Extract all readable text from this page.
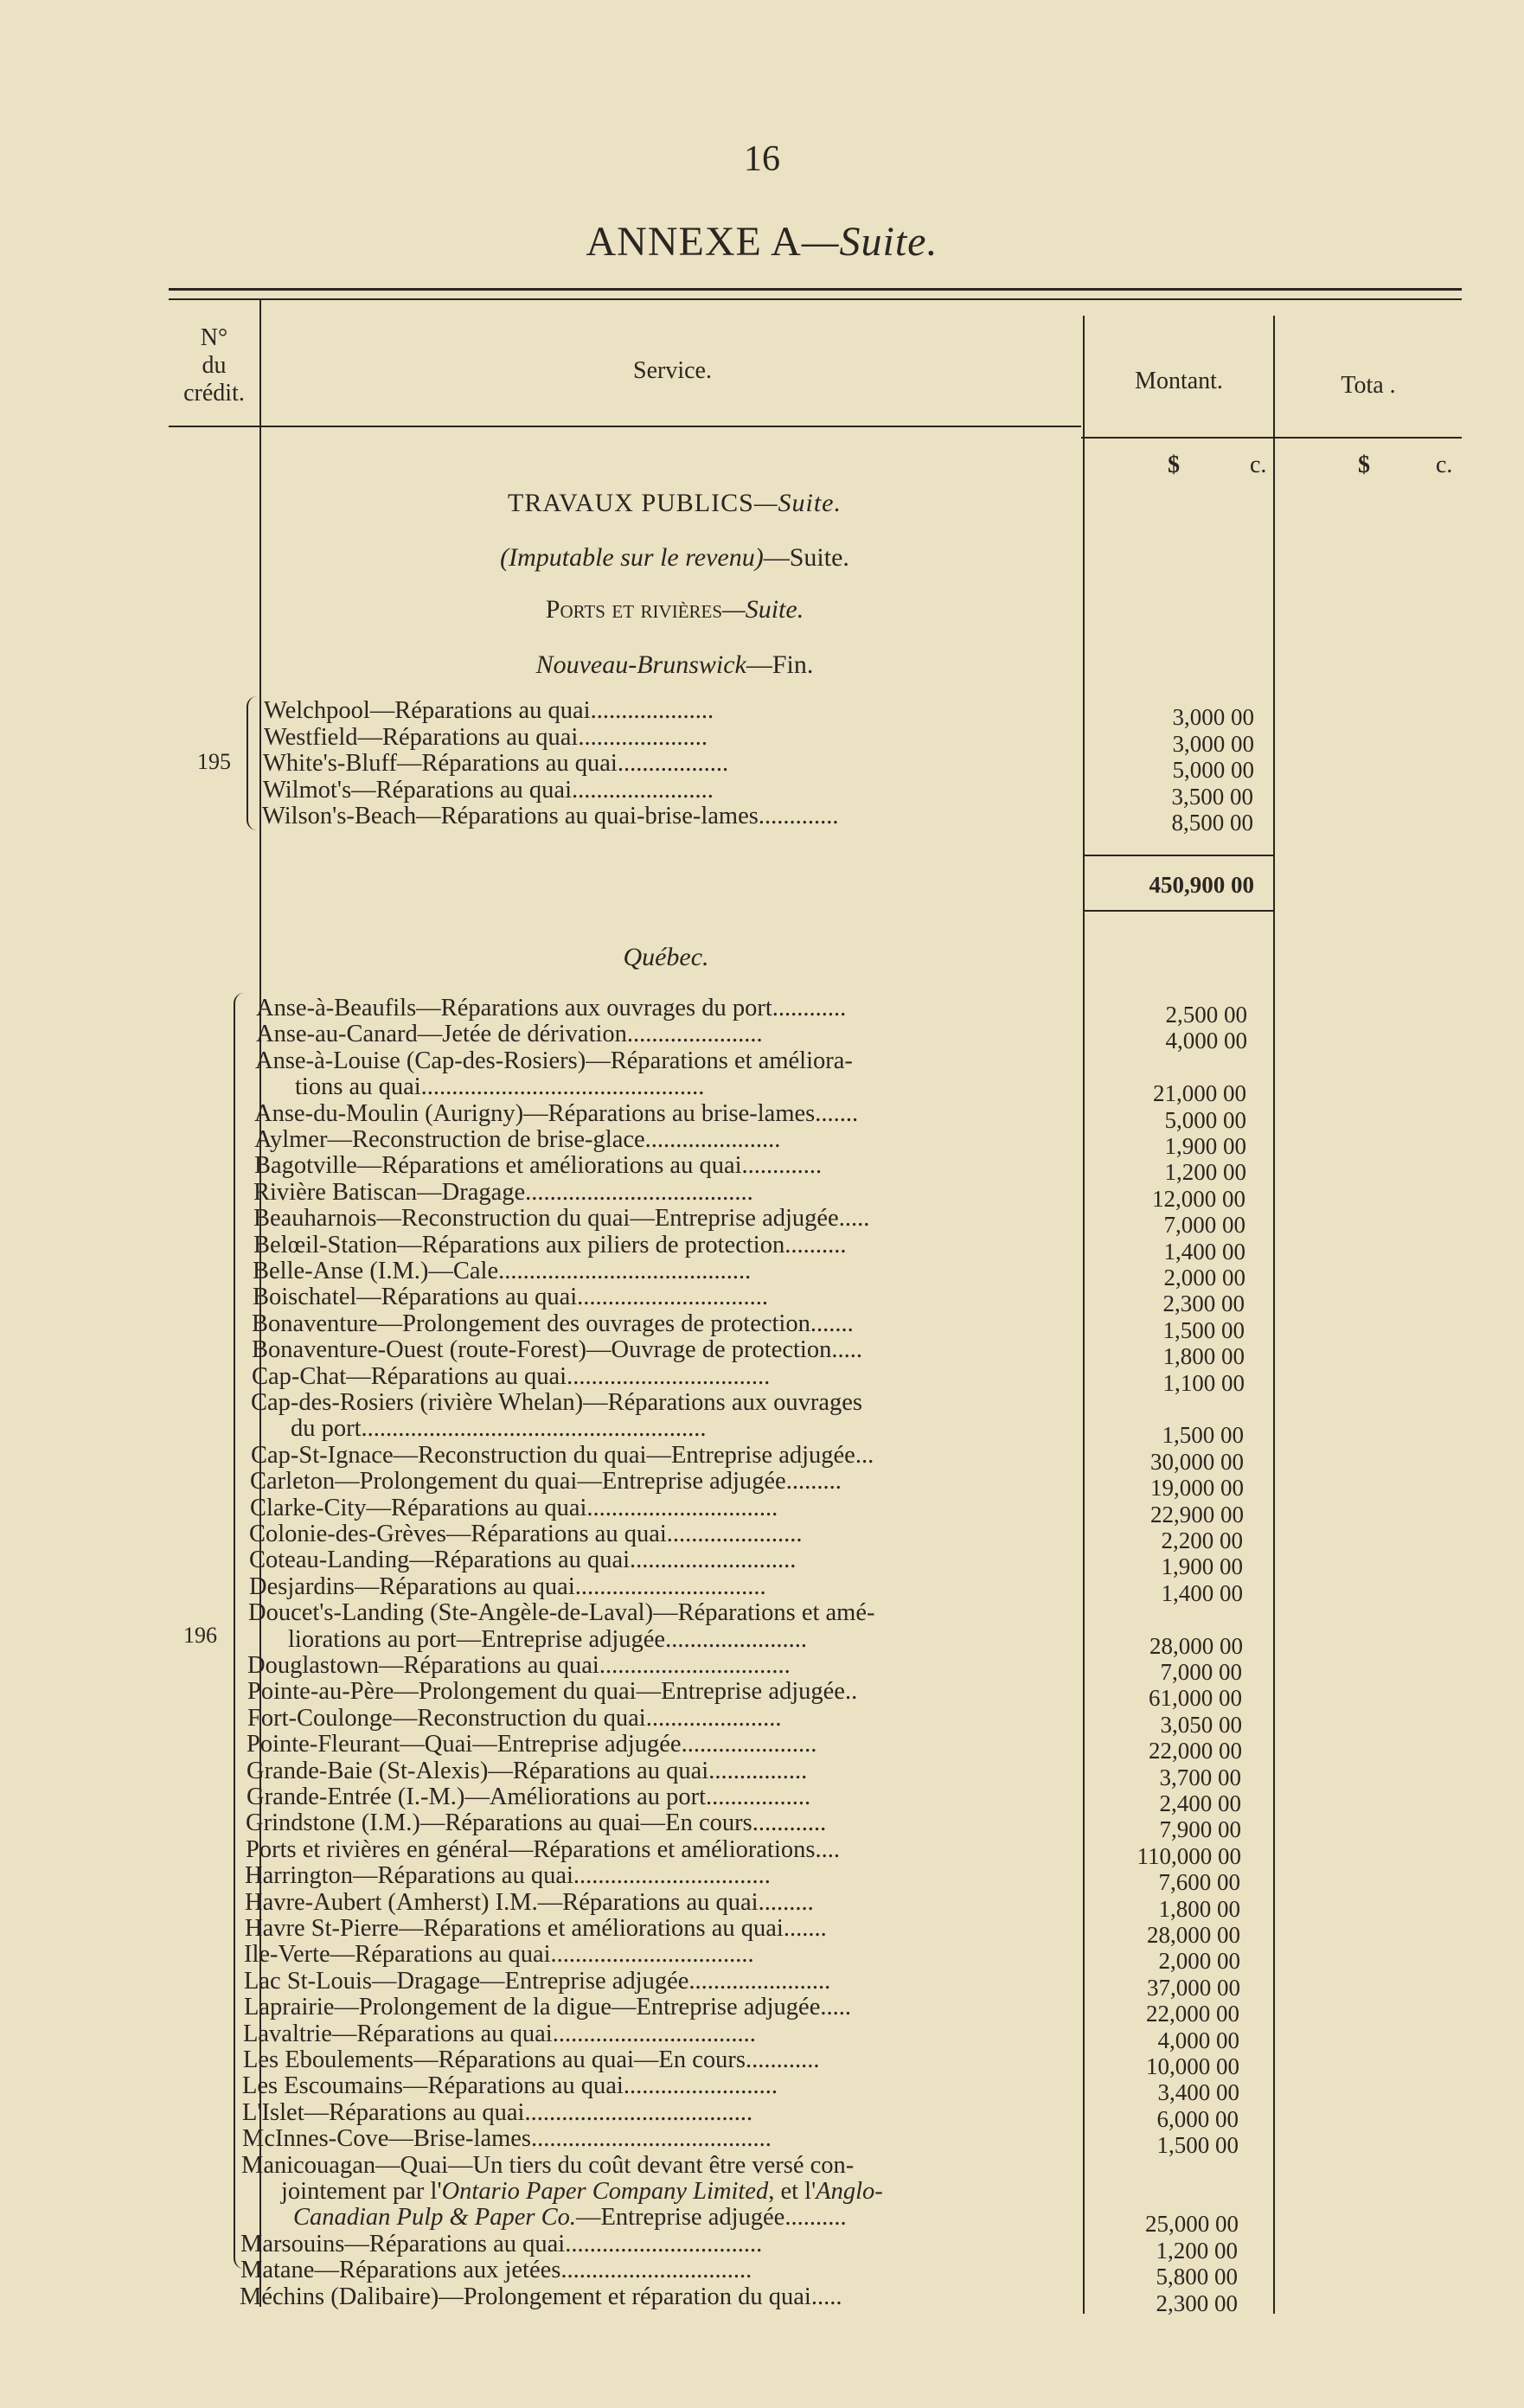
16
ANNEXE A—Suite.
N°
du
crédit.
Service.	Montant.	Tota .
$	c.	$	c.
TRAVAUX PUBLICS—Suite.
(Imputable sur le revenu)—Suite.
Ports et rivières—Suite.
Nouveau-Brunswick—Fin.
195
Welchpool—Réparations au quai....................	3,000 00
Westfield—Réparations au quai.....................	3,000 00
White's-Bluff—Réparations au quai..................	5,000 00
Wilmot's—Réparations au quai.......................	3,500 00
Wilson's-Beach—Réparations au quai-brise-lames.............	8,500 00
450,900 00
Québec.
196
Anse-à-Beaufils—Réparations aux ouvrages du port............	2,500 00
Anse-au-Canard—Jetée de dérivation......................	4,000 00
Anse-à-Louise (Cap-des-Rosiers)—Réparations et améliora-
tions au quai..............................................	21,000 00
Anse-du-Moulin (Aurigny)—Réparations au brise-lames.......	5,000 00
Aylmer—Reconstruction de brise-glace......................	1,900 00
Bagotville—Réparations et améliorations au quai.............	1,200 00
Rivière Batiscan—Dragage.....................................	12,000 00
Beauharnois—Reconstruction du quai—Entreprise adjugée.....	7,000 00
Belœil-Station—Réparations aux piliers de protection..........	1,400 00
Belle-Anse (I.M.)—Cale.........................................	2,000 00
Boischatel—Réparations au quai...............................	2,300 00
Bonaventure—Prolongement des ouvrages de protection.......	1,500 00
Bonaventure-Ouest (route-Forest)—Ouvrage de protection.....	1,800 00
Cap-Chat—Réparations au quai.................................	1,100 00
Cap-des-Rosiers (rivière Whelan)—Réparations aux ouvrages
du port........................................................	1,500 00
Cap-St-Ignace—Reconstruction du quai—Entreprise adjugée...	30,000 00
Carleton—Prolongement du quai—Entreprise adjugée.........	19,000 00
Clarke-City—Réparations au quai...............................	22,900 00
Colonie-des-Grèves—Réparations au quai......................	2,200 00
Coteau-Landing—Réparations au quai...........................	1,900 00
Desjardins—Réparations au quai...............................	1,400 00
Doucet's-Landing (Ste-Angèle-de-Laval)—Réparations et amé-
liorations au port—Entreprise adjugée.......................	28,000 00
Douglastown—Réparations au quai...............................	7,000 00
Pointe-au-Père—Prolongement du quai—Entreprise adjugée..	61,000 00
Fort-Coulonge—Reconstruction du quai......................	3,050 00
Pointe-Fleurant—Quai—Entreprise adjugée......................	22,000 00
Grande-Baie (St-Alexis)—Réparations au quai................	3,700 00
Grande-Entrée (I.-M.)—Améliorations au port.................	2,400 00
Grindstone (I.M.)—Réparations au quai—En cours............	7,900 00
Ports et rivières en général—Réparations et améliorations....	110,000 00
Harrington—Réparations au quai................................	7,600 00
Havre-Aubert (Amherst) I.M.—Réparations au quai.........	1,800 00
Havre St-Pierre—Réparations et améliorations au quai.......	28,000 00
Ile-Verte—Réparations au quai.................................	2,000 00
Lac St-Louis—Dragage—Entreprise adjugée.......................	37,000 00
Laprairie—Prolongement de la digue—Entreprise adjugée.....	22,000 00
Lavaltrie—Réparations au quai.................................	4,000 00
Les Eboulements—Réparations au quai—En cours............	10,000 00
Les Escoumains—Réparations au quai.........................	3,400 00
L'Islet—Réparations au quai.....................................	6,000 00
McInnes-Cove—Brise-lames.......................................	1,500 00
Manicouagan—Quai—Un tiers du coût devant être versé con-
jointement par l'Ontario Paper Company Limited, et l'Anglo-
Canadian Pulp & Paper Co.—Entreprise adjugée..........	25,000 00
Marsouins—Réparations au quai................................	1,200 00
Matane—Réparations aux jetées...............................	5,800 00
Méchins (Dalibaire)—Prolongement et réparation du quai.....	2,300 00
